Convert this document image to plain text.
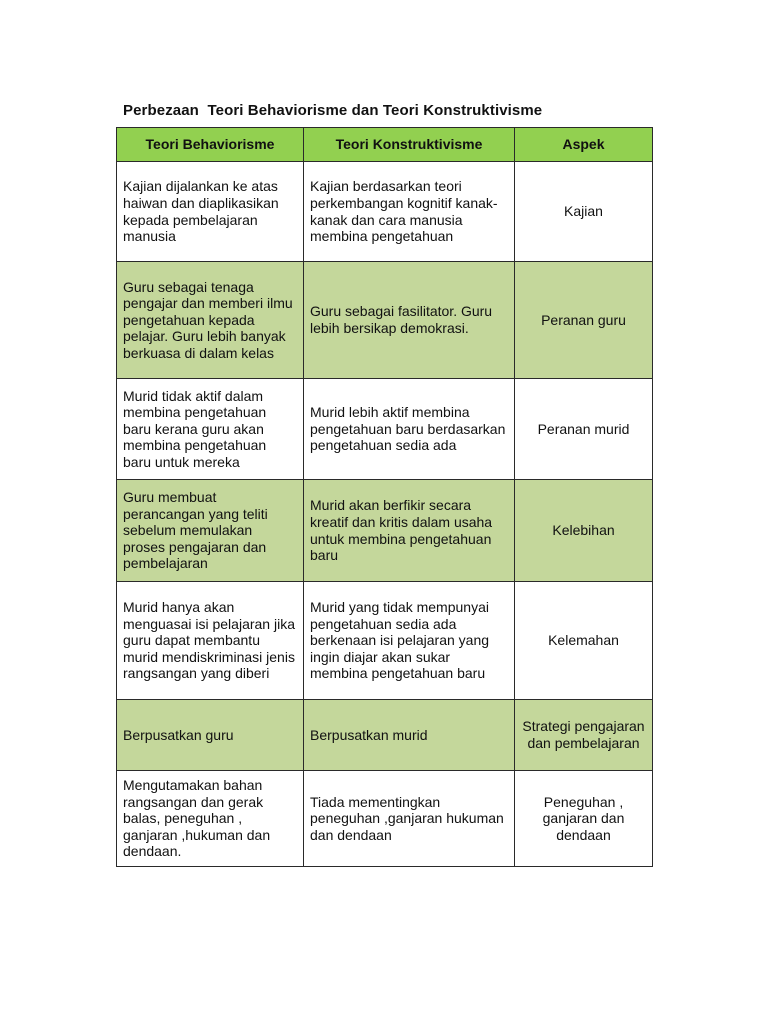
Perbezaan  Teori Behaviorisme dan Teori Konstruktivisme
Teori Behaviorisme	Teori Konstruktivisme	Aspek
Kajian dijalankan ke atas haiwan dan diaplikasikan kepada pembelajaran manusia	Kajian berdasarkan teori perkembangan kognitif kanak-kanak dan cara manusia membina pengetahuan	Kajian
Guru sebagai tenaga pengajar dan memberi ilmu pengetahuan kepada pelajar. Guru lebih banyak berkuasa di dalam kelas	Guru sebagai fasilitator. Guru lebih bersikap demokrasi.	Peranan guru
Murid tidak aktif dalam membina pengetahuan baru kerana guru akan membina pengetahuan baru untuk mereka	Murid lebih aktif membina pengetahuan baru berdasarkan pengetahuan sedia ada	Peranan murid
Guru membuat perancangan yang teliti sebelum memulakan proses pengajaran dan pembelajaran	Murid akan berfikir secara kreatif dan kritis dalam usaha untuk membina pengetahuan baru	Kelebihan
Murid hanya akan menguasai isi pelajaran jika guru dapat membantu murid mendiskriminasi jenis rangsangan yang diberi	Murid yang tidak mempunyai pengetahuan sedia ada berkenaan isi pelajaran yang ingin diajar akan sukar membina pengetahuan baru	Kelemahan
Berpusatkan guru	Berpusatkan murid	Strategi pengajaran dan pembelajaran
Mengutamakan bahan rangsangan dan gerak balas, peneguhan , ganjaran ,hukuman dan dendaan.	Tiada mementingkan peneguhan ,ganjaran hukuman dan dendaan	Peneguhan , ganjaran dan dendaan
